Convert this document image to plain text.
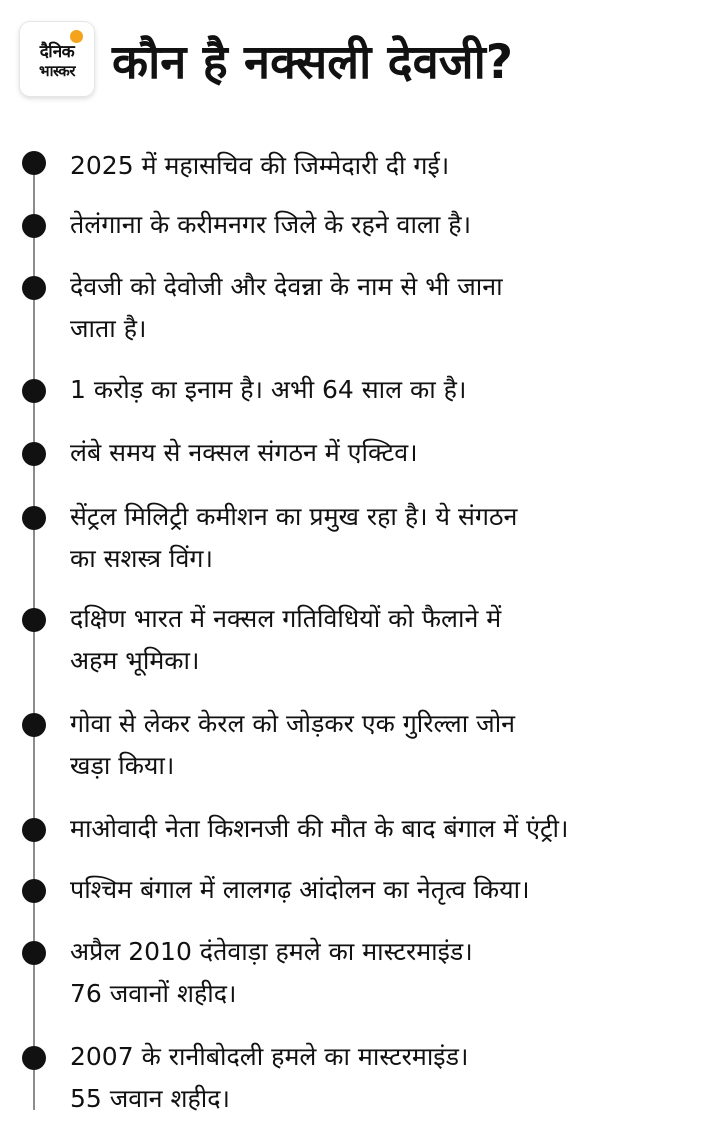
दैनिक
भास्कर कौन है नक्सली देवजी?
2025 में महासचिव की जिम्मेदारी दी गई।
तेलंगाना के करीमनगर जिले के रहने वाला है।
देवजी को देवोजी और देवन्ना के नाम से भी जाना
जाता है।
1 करोड़ का इनाम है। अभी 64 साल का है।
लंबे समय से नक्सल संगठन में एक्टिव।
सेंट्रल मिलिट्री कमीशन का प्रमुख रहा है। ये संगठन
का सशस्त्र विंग।
दक्षिण भारत में नक्सल गतिविधियों को फैलाने में
अहम भूमिका।
गोवा से लेकर केरल को जोड़कर एक गुरिल्ला जोन
खड़ा किया।
माओवादी नेता किशनजी की मौत के बाद बंगाल में एंट्री।
पश्चिम बंगाल में लालगढ़ आंदोलन का नेतृत्व किया।
अप्रैल 2010 दंतेवाड़ा हमले का मास्टरमाइंड।
76 जवानों शहीद।
2007 के रानीबोदली हमले का मास्टरमाइंड।
55 जवान शहीद।
